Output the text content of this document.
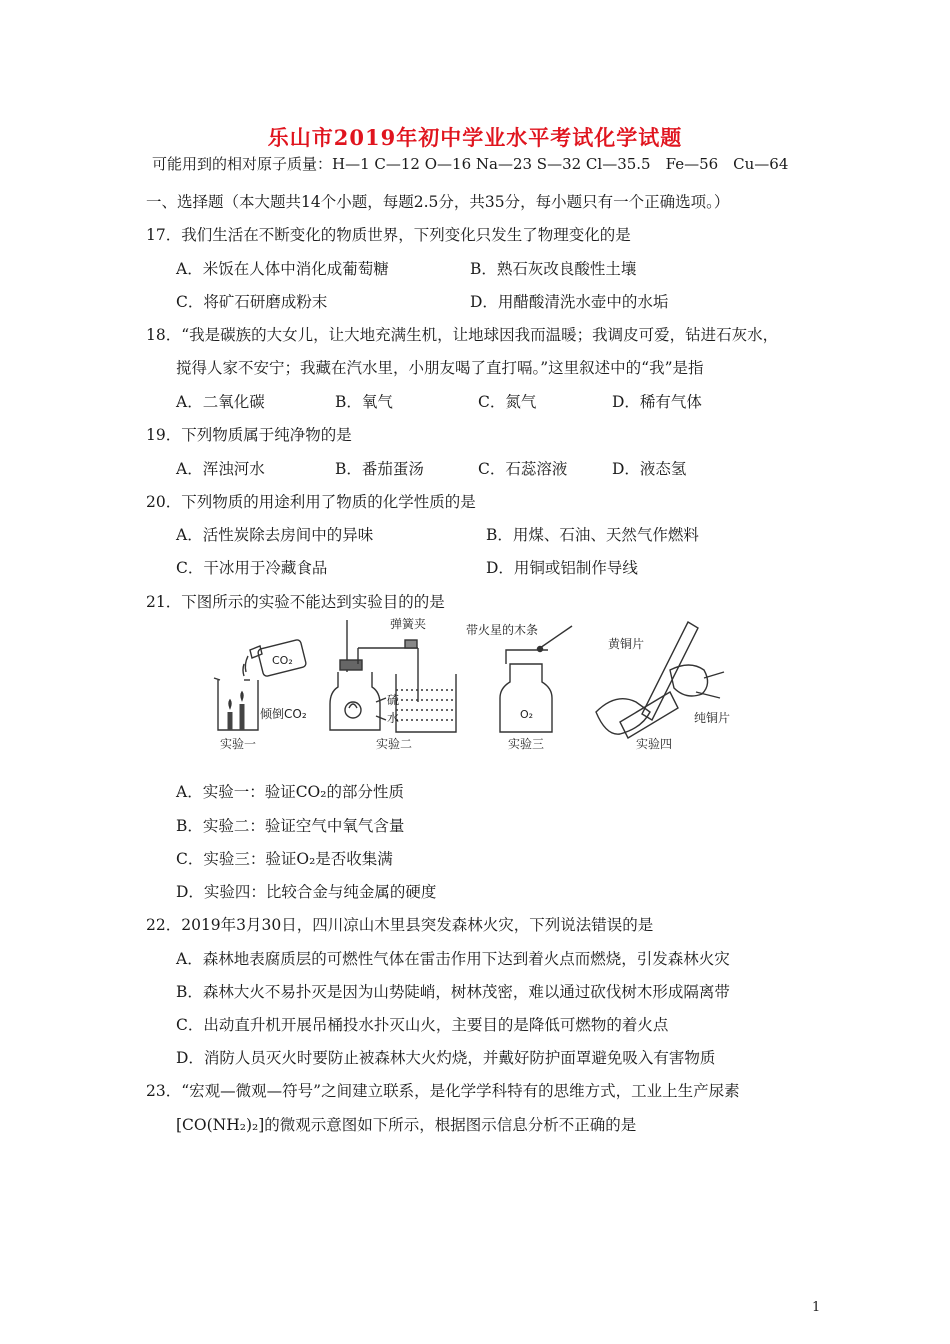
乐山市2019年初中学业水平考试化学试题
可能用到的相对原子质量：H—1 C—12 O—16 Na—23 S—32 Cl—35.5　Fe—56　Cu—64
一、选择题（本大题共14个小题，每题2.5分，共35分，每小题只有一个正确选项。）
17．我们生活在不断变化的物质世界，下列变化只发生了物理变化的是
A．米饭在人体中消化成葡萄糖	B．熟石灰改良酸性土壤
C．将矿石研磨成粉末	D．用醋酸清洗水壶中的水垢
18．“我是碳族的大女儿，让大地充满生机，让地球因我而温暖；我调皮可爱，钻进石灰水，
搅得人家不安宁；我藏在汽水里，小朋友喝了直打嗝。”这里叙述中的“我”是指
A．二氧化碳	B．氧气	C．氮气	D．稀有气体
19．下列物质属于纯净物的是
A．浑浊河水	B．番茄蛋汤	C．石蕊溶液	D．液态氢
20．下列物质的用途利用了物质的化学性质的是
A．活性炭除去房间中的异味	B．用煤、石油、天然气作燃料
C．干冰用于冷藏食品	D．用铜或铝制作导线
21．下图所示的实验不能达到实验目的的是
CO₂
倾倒CO₂
实验一
弹簧夹
硫
水
实验二
带火星的木条
O₂
实验三
黄铜片
纯铜片
实验四
A．实验一：验证CO₂的部分性质
B．实验二：验证空气中氧气含量
C．实验三：验证O₂是否收集满
D．实验四：比较合金与纯金属的硬度
22．2019年3月30日，四川凉山木里县突发森林火灾，下列说法错误的是
A．森林地表腐质层的可燃性气体在雷击作用下达到着火点而燃烧，引发森林火灾
B．森林大火不易扑灭是因为山势陡峭，树林茂密，难以通过砍伐树木形成隔离带
C．出动直升机开展吊桶投水扑灭山火，主要目的是降低可燃物的着火点
D．消防人员灭火时要防止被森林大火灼烧，并戴好防护面罩避免吸入有害物质
23．“宏观—微观—符号”之间建立联系，是化学学科特有的思维方式，工业上生产尿素
[CO(NH₂)₂]的微观示意图如下所示，根据图示信息分析不正确的是
1
